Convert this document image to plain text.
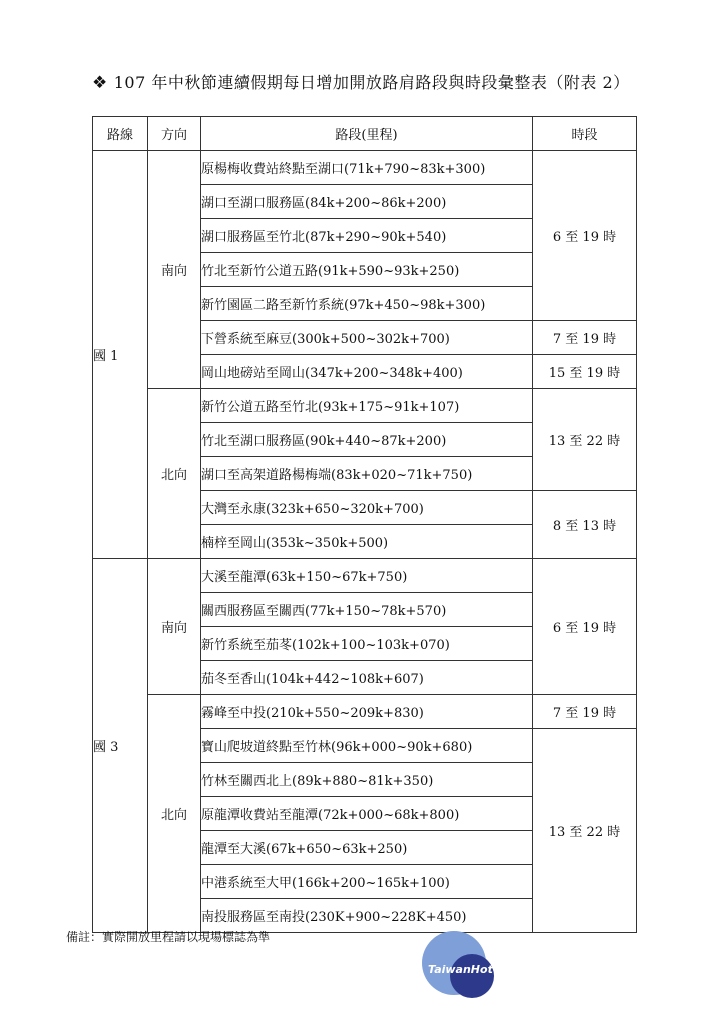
❖ 107 年中秋節連續假期每日增加開放路肩路段與時段彙整表（附表 2）
路線	方向	路段(里程)	時段
國 1	南向	原楊梅收費站終點至湖口(71k+790~83k+300)	6 至 19 時
		湖口至湖口服務區(84k+200~86k+200)	
		湖口服務區至竹北(87k+290~90k+540)	
		竹北至新竹公道五路(91k+590~93k+250)	
		新竹園區二路至新竹系統(97k+450~98k+300)	
		下營系統至麻豆(300k+500~302k+700)	7 至 19 時
		岡山地磅站至岡山(347k+200~348k+400)	15 至 19 時
	北向	新竹公道五路至竹北(93k+175~91k+107)	13 至 22 時
		竹北至湖口服務區(90k+440~87k+200)	
		湖口至高架道路楊梅端(83k+020~71k+750)	
		大灣至永康(323k+650~320k+700)	8 至 13 時
		楠梓至岡山(353k~350k+500)	
國 3	南向	大溪至龍潭(63k+150~67k+750)	6 至 19 時
		關西服務區至關西(77k+150~78k+570)	
		新竹系統至茄苳(102k+100~103k+070)	
		茄冬至香山(104k+442~108k+607)	
	北向	霧峰至中投(210k+550~209k+830)	7 至 19 時
		寶山爬坡道終點至竹林(96k+000~90k+680)	13 至 22 時
		竹林至關西北上(89k+880~81k+350)	
		原龍潭收費站至龍潭(72k+000~68k+800)	
		龍潭至大溪(67k+650~63k+250)	
		中港系統至大甲(166k+200~165k+100)	
		南投服務區至南投(230K+900~228K+450)	
備註：實際開放里程請以現場標誌為準
TaiwanHot
